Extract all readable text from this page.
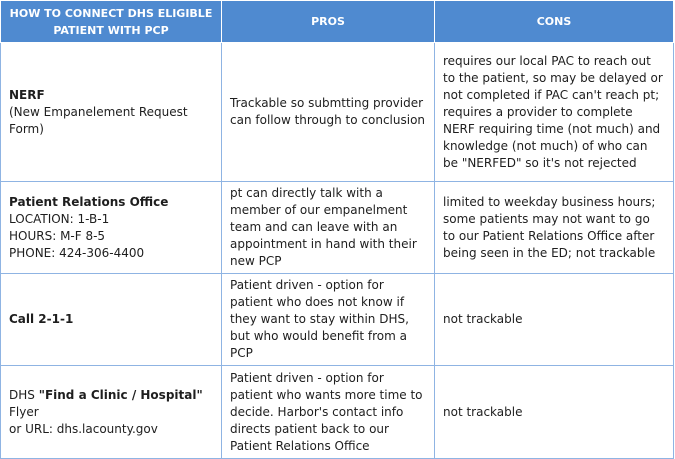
HOW TO CONNECT DHS ELIGIBLE
PATIENT WITH PCP	PROS	CONS
NERF
(New Empanelement Request Form)	Trackable so submtting provider can follow through to conclusion	requires our local PAC to reach out to the patient, so may be delayed or not completed if PAC can't reach pt; requires a provider to complete NERF requiring time (not much) and knowledge (not much) of who can be "NERFED" so it's not rejected
Patient Relations Office
LOCATION: 1-B-1
HOURS: M-F 8-5
PHONE: 424-306-4400	pt can directly talk with a member of our empanelment team and can leave with an appointment in hand with their new PCP	limited to weekday business hours; some patients may not want to go to our Patient Relations Office after being seen in the ED; not trackable
Call 2-1-1	Patient driven - option for patient who does not know if they want to stay within DHS, but who would benefit from a PCP	not trackable
DHS "Find a Clinic / Hospital" Flyer
or URL: dhs.lacounty.gov	Patient driven - option for patient who wants more time to decide. Harbor's contact info directs patient back to our Patient Relations Office	not trackable
